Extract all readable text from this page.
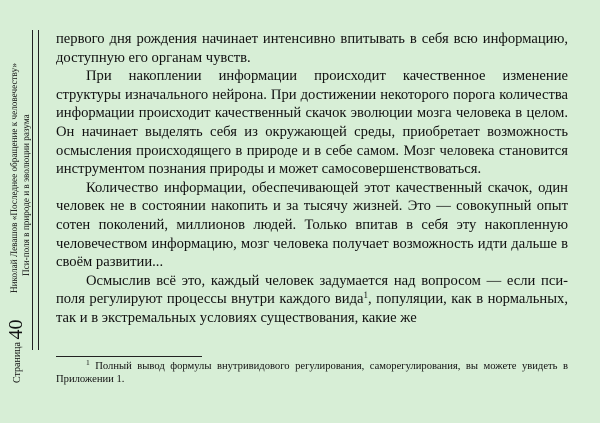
Страница 40
Николай Левашов «Последнее обращение к человечеству» Пси-поля в природе и в эволюции разума

первого дня рождения начинает интенсивно впитывать в себя всю информацию, доступную его органам чувств.

При накоплении информации происходит качественное изменение структуры изначального нейрона. При достижении некоторого порога количества информации происходит качественный скачок эволюции мозга человека в целом. Он начинает выделять себя из окружающей среды, приобретает возможность осмысления происходящего в природе и в себе самом. Мозг человека становится инструментом познания природы и может самосовершенствоваться.

Количество информации, обеспечивающей этот качественный скачок, один человек не в состоянии накопить и за тысячу жизней. Это — совокупный опыт сотен поколений, миллионов людей. Только впитав в себя эту накопленную человечеством информацию, мозг человека получает возможность идти дальше в своём развитии...

Осмыслив всё это, каждый человек задумается над вопросом — если пси-поля регулируют процессы внутри каждого вида$^1$, популяции, как в нормальных, так и в экстремальных условиях существования, какие же

$^1$ Полный вывод формулы внутривидового регулирования, саморегулирования, вы можете увидеть в Приложении 1.
